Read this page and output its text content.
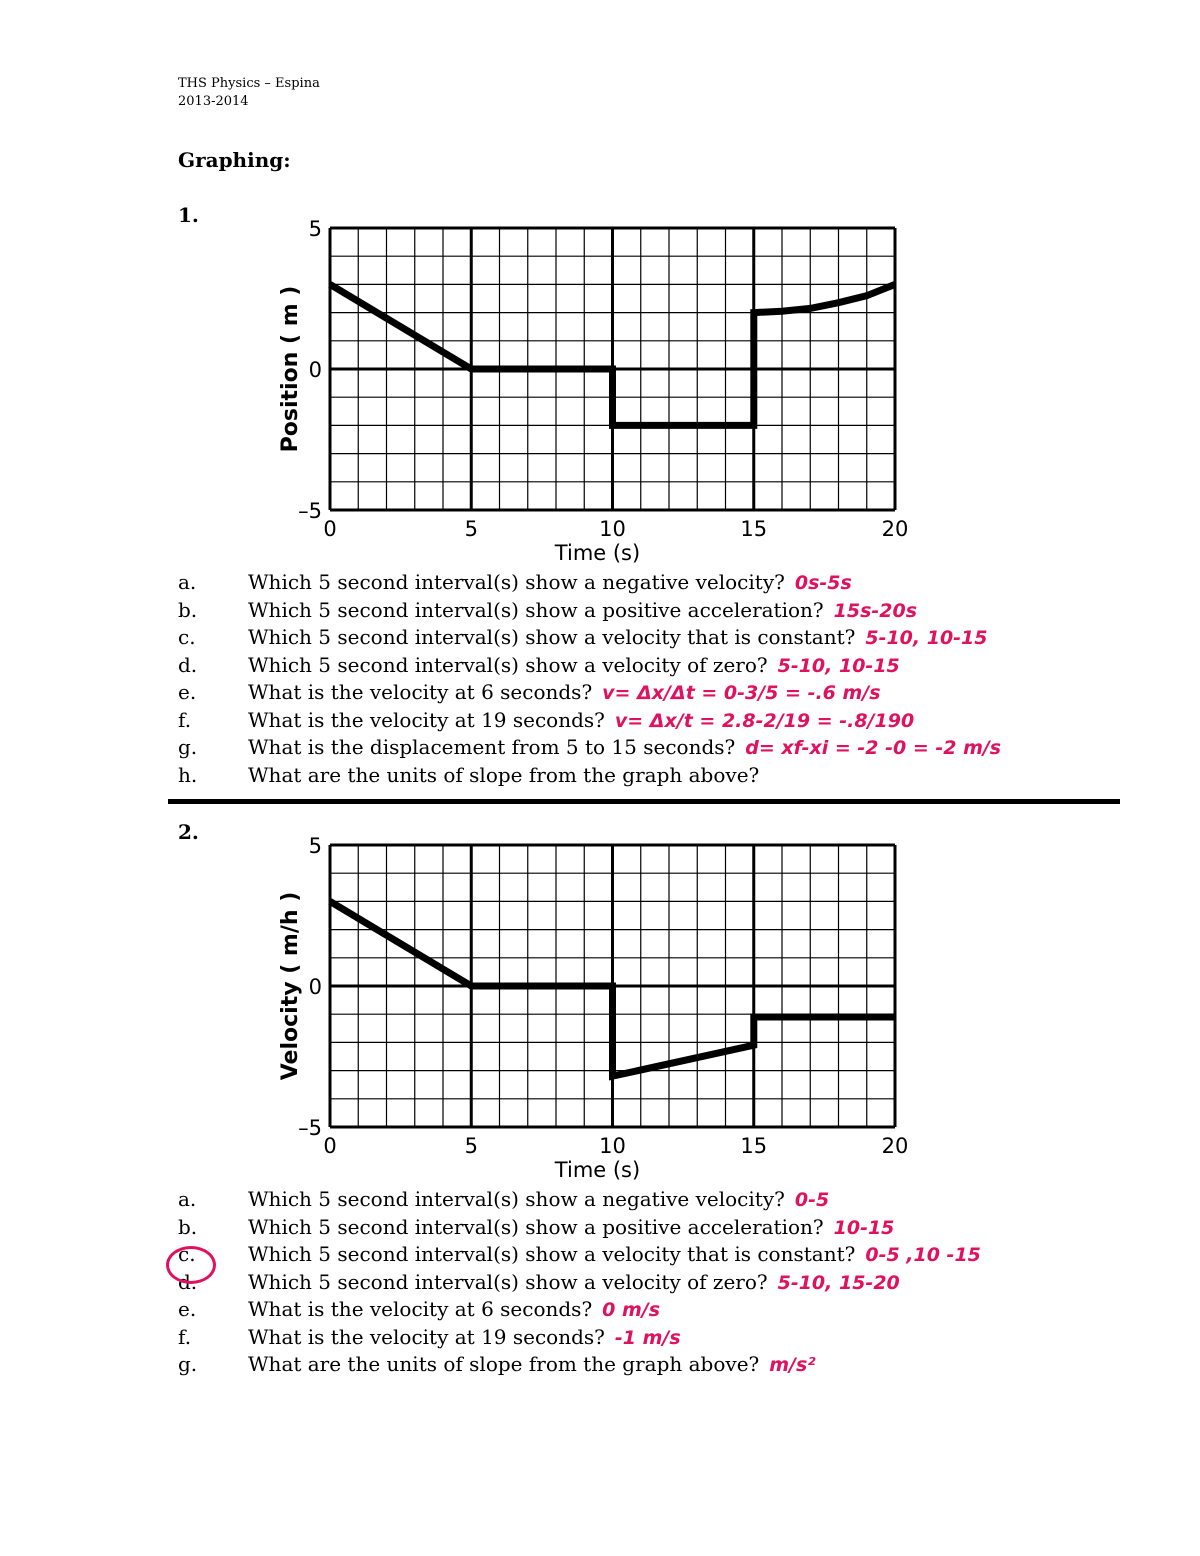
THS Physics – Espina
2013-2014
Graphing:
1.
0	5	10	15	20
5
0
–5
Time (s)
Position ( m )
a.	Which 5 second interval(s) show a negative velocity? 0s-5s
b.	Which 5 second interval(s) show a positive acceleration? 15s-20s
c.	Which 5 second interval(s) show a velocity that is constant? 5-10, 10-15
d.	Which 5 second interval(s) show a velocity of zero? 5-10, 10-15
e.	What is the velocity at 6 seconds? v= Δx/Δt = 0-3/5 = -.6 m/s
f.	What is the velocity at 19 seconds? v= Δx/t = 2.8-2/19 = -.8/190
g.	What is the displacement from 5 to 15 seconds? d= xf-xi = -2 -0 = -2 m/s
h.	What are the units of slope from the graph above?
2.
0	5	10	15	20
5
0
–5
Time (s)
Velocity ( m/h )
a.	Which 5 second interval(s) show a negative velocity? 0-5
b.	Which 5 second interval(s) show a positive acceleration? 10-15
c.	Which 5 second interval(s) show a velocity that is constant? 0-5 ,10 -15
d.	Which 5 second interval(s) show a velocity of zero? 5-10, 15-20
e.	What is the velocity at 6 seconds? 0 m/s
f.	What is the velocity at 19 seconds? -1 m/s
g.	What are the units of slope from the graph above? m/s²
